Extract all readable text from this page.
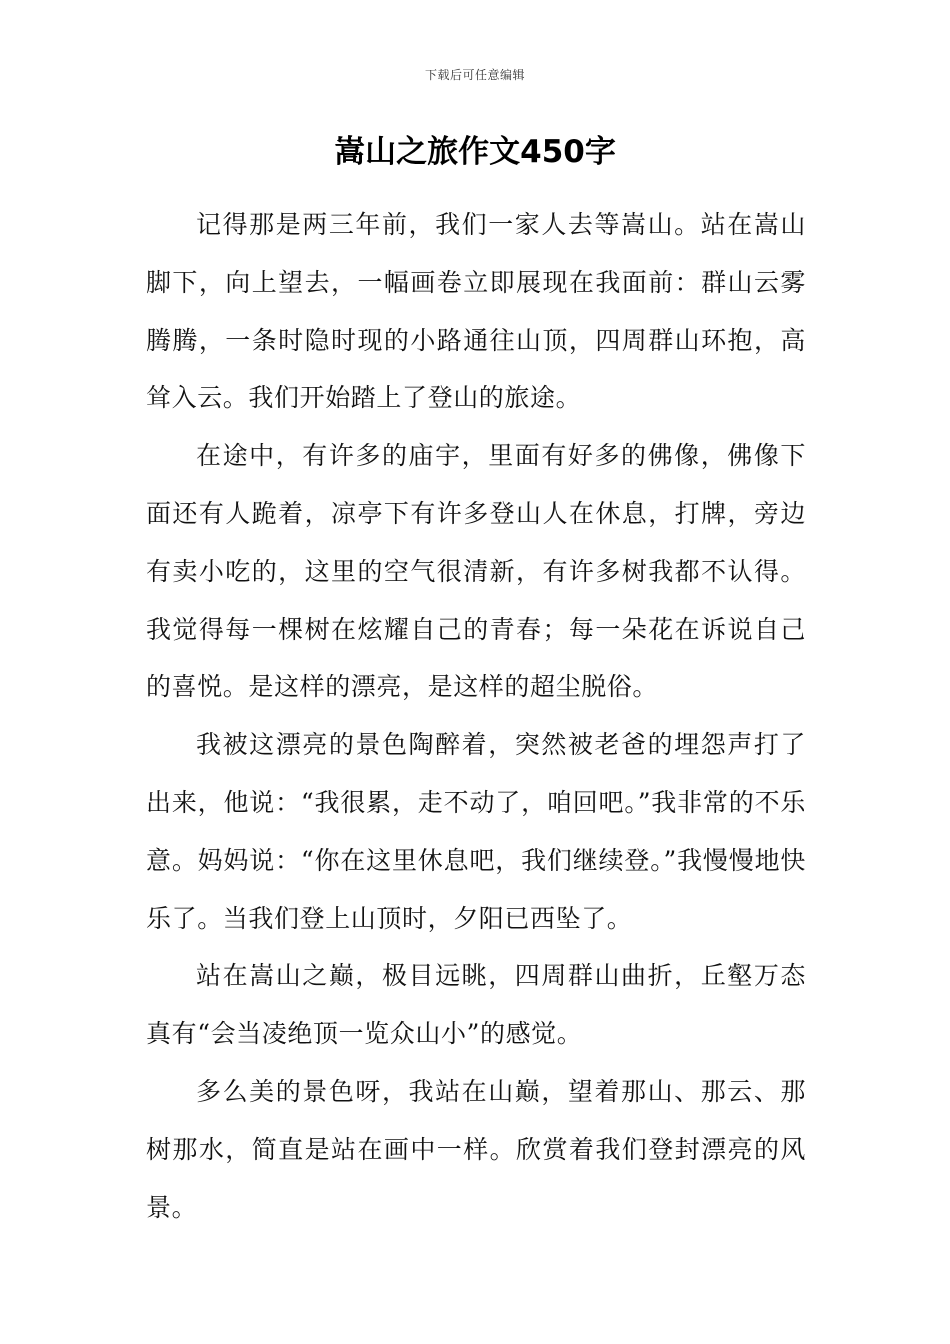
下载后可任意编辑
嵩山之旅作文450字

记得那是两三年前，我们一家人去等嵩山。站在嵩山脚下，向上望去，一幅画卷立即展现在我面前：群山云雾腾腾，一条时隐时现的小路通往山顶，四周群山环抱，高耸入云。我们开始踏上了登山的旅途。

在途中，有许多的庙宇，里面有好多的佛像，佛像下面还有人跪着，凉亭下有许多登山人在休息，打牌，旁边有卖小吃的，这里的空气很清新，有许多树我都不认得。我觉得每一棵树在炫耀自己的青春；每一朵花在诉说自己的喜悦。是这样的漂亮，是这样的超尘脱俗。

我被这漂亮的景色陶醉着，突然被老爸的埋怨声打了出来，他说：“我很累，走不动了，咱回吧。”我非常的不乐意。妈妈说：“你在这里休息吧，我们继续登。”我慢慢地快乐了。当我们登上山顶时，夕阳已西坠了。

站在嵩山之巅，极目远眺，四周群山曲折，丘壑万态真有“会当凌绝顶一览众山小”的感觉。

多么美的景色呀，我站在山巅，望着那山、那云、那树那水，简直是站在画中一样。欣赏着我们登封漂亮的风景。
